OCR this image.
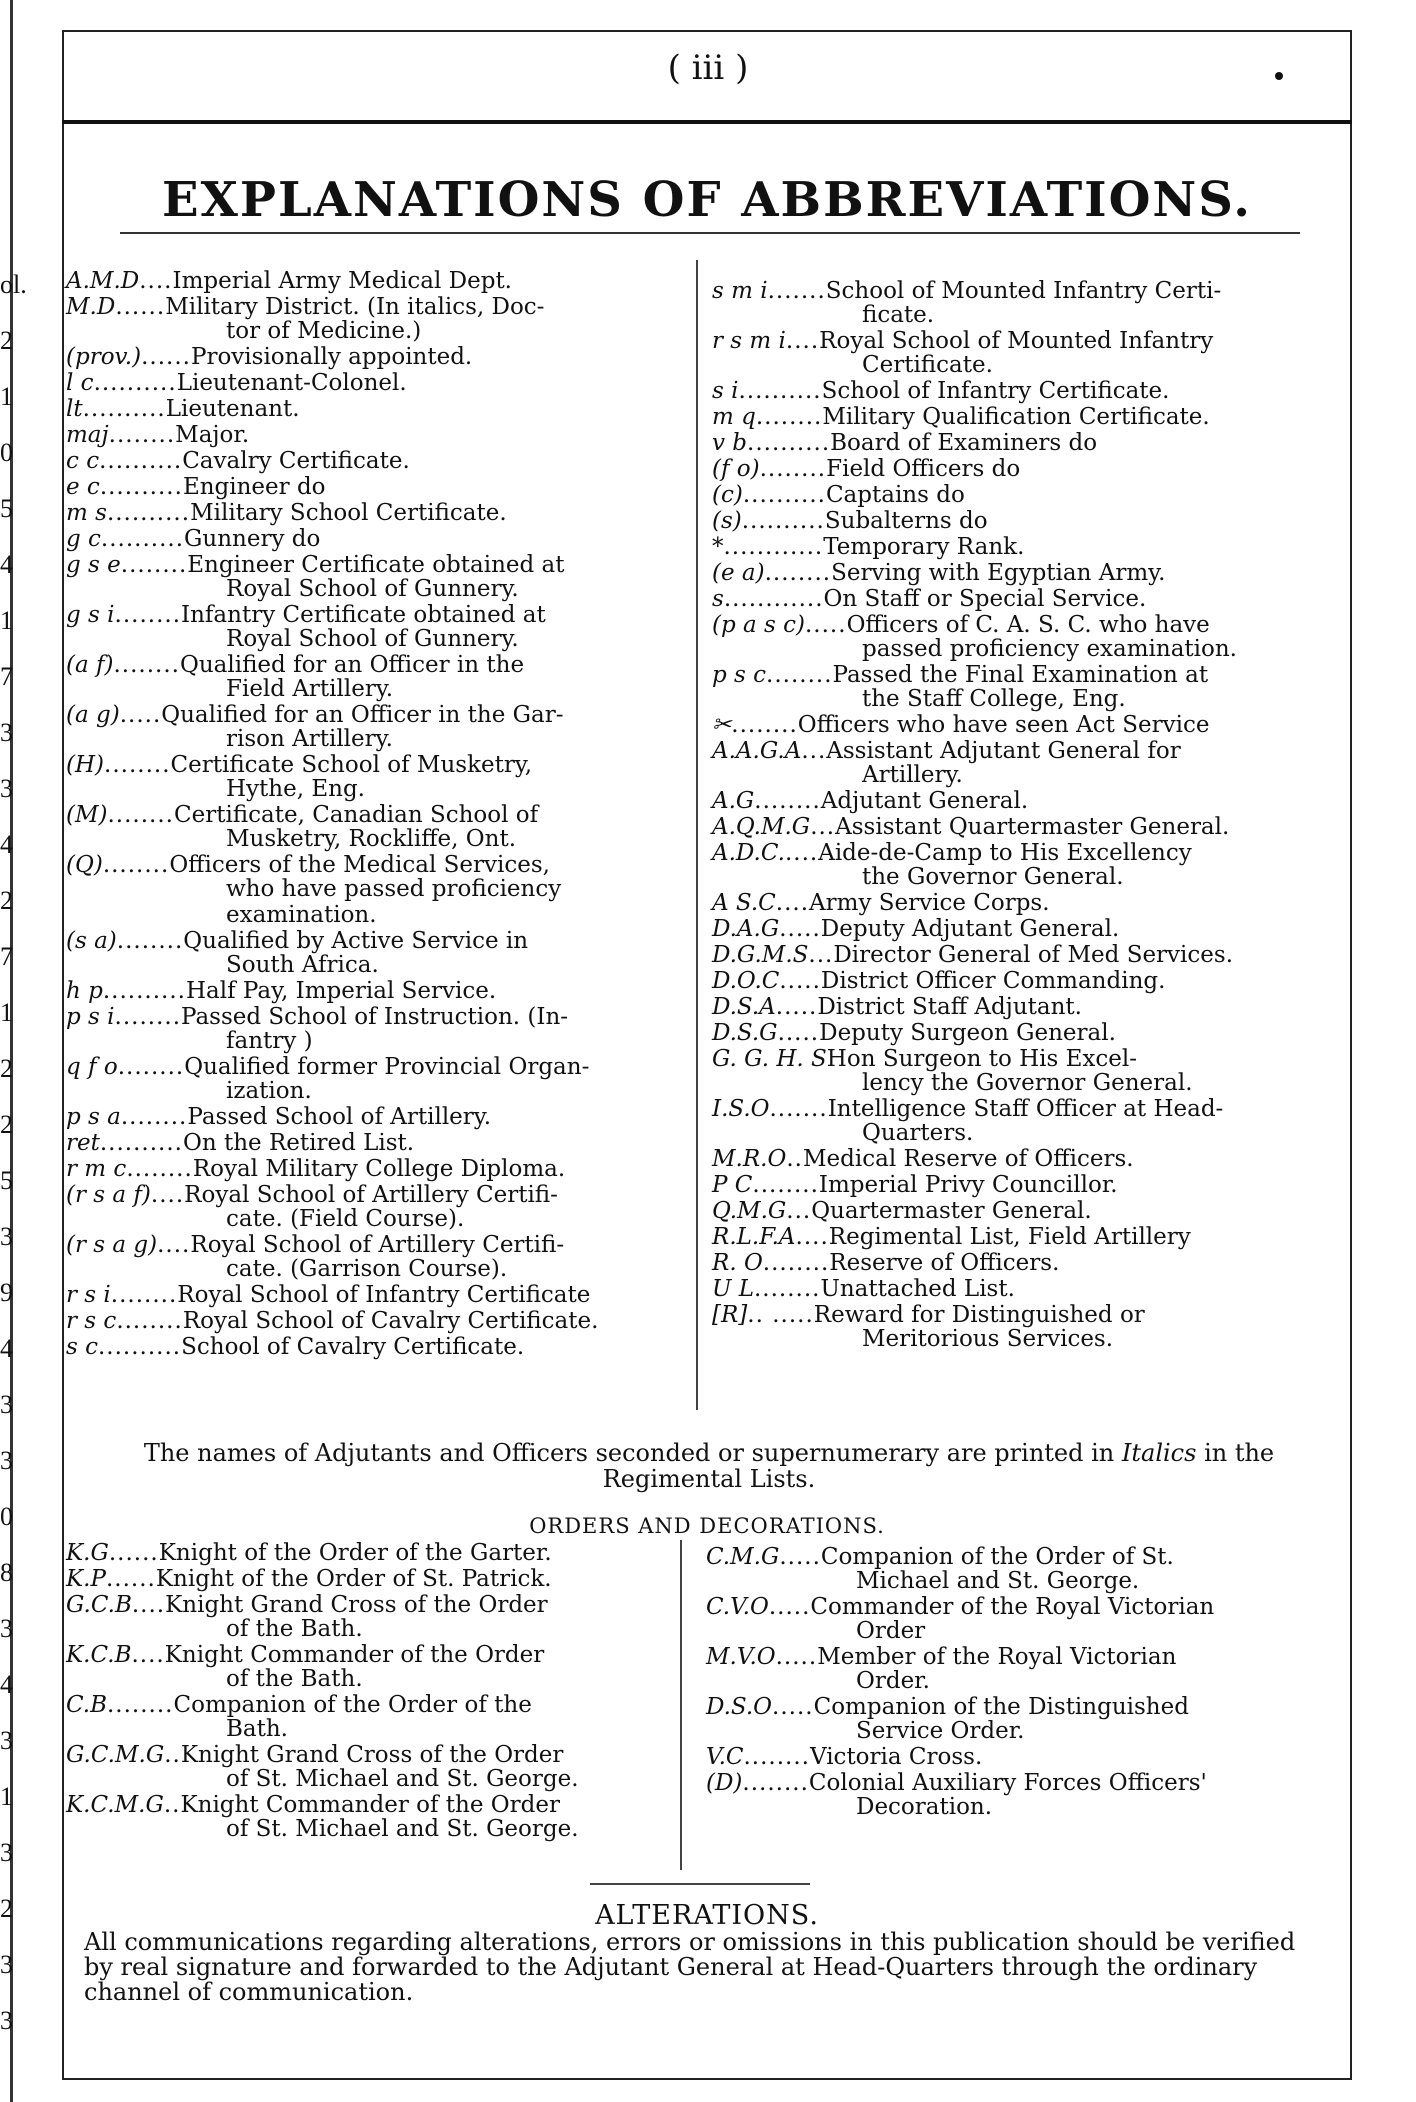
ol.
2
1
0
5
4
1
7
3
3
4
2
7
1
2
2
5
3
9
4
3
3
0
8
3
4
3
1
3
2
3
3
( iii )
EXPLANATIONS OF ABBREVIATIONS.
A.M.D .... Imperial Army Medical Dept.
M.D ...... Military District. (In italics, Doc-
tor of Medicine.)
(prov.) ...... Provisionally appointed.
l c .......... Lieutenant-Colonel.
lt .......... Lieutenant.
maj ........ Major.
c c .......... Cavalry Certificate.
e c .......... Engineer do
m s .......... Military School Certificate.
g c .......... Gunnery do
g s e ........ Engineer Certificate obtained at
Royal School of Gunnery.
g s i ........ Infantry Certificate obtained at
Royal School of Gunnery.
(a f) ........ Qualified for an Officer in the
Field Artillery.
(a g) ..... Qualified for an Officer in the Gar-
rison Artillery.
(H) ........ Certificate School of Musketry,
Hythe, Eng.
(M) ........ Certificate, Canadian School of
Musketry, Rockliffe, Ont.
(Q) ........ Officers of the Medical Services,
who have passed proficiency examination.
(s a) ........ Qualified by Active Service in
South Africa.
h p .......... Half Pay, Imperial Service.
p s i ........ Passed School of Instruction. (In-
fantry )
q f o ........ Qualified former Provincial Organ-
ization.
p s a ........ Passed School of Artillery.
ret .......... On the Retired List.
r m c ........ Royal Military College Diploma.
(r s a f) .... Royal School of Artillery Certifi-
cate. (Field Course).
(r s a g) .... Royal School of Artillery Certifi-
cate. (Garrison Course).
r s i ........ Royal School of Infantry Certificate
r s c ........ Royal School of Cavalry Certificate.
s c .......... School of Cavalry Certificate.
s m i ....... School of Mounted Infantry Certi-
ficate.
r s m i .... Royal School of Mounted Infantry
Certificate.
s i .......... School of Infantry Certificate.
m q ........ Military Qualification Certificate.
v b .......... Board of Examiners do
(f o) ........ Field Officers do
(c) .......... Captains do
(s) .......... Subalterns do
* ............ Temporary Rank.
(e a) ........ Serving with Egyptian Army.
s ............ On Staff or Special Service.
(p a s c) ..... Officers of C. A. S. C. who have
passed proficiency examination.
p s c ........ Passed the Final Examination at
the Staff College, Eng.
✂ ........ Officers who have seen Act Service
A.A.G.A ... Assistant Adjutant General for
Artillery.
A.G ........ Adjutant General.
A.Q.M.G ... Assistant Quartermaster General.
A.D.C. .... Aide-de-Camp to His Excellency
the Governor General.
A S.C .... Army Service Corps.
D.A.G ..... Deputy Adjutant General.
D.G.M.S ... Director General of Med Services.
D.O.C ..... District Officer Commanding.
D.S.A ..... District Staff Adjutant.
D.S.G ..... Deputy Surgeon General.
G. G. H. S Hon Surgeon to His Excel-
lency the Governor General.
I.S.O ....... Intelligence Staff Officer at Head-
Quarters.
M.R.O .. Medical Reserve of Officers.
P C ........ Imperial Privy Councillor.
Q.M.G ... Quartermaster General.
R.L.F.A .... Regimental List, Field Artillery
R. O ........ Reserve of Officers.
U L ........ Unattached List.
[R] .. ..... Reward for Distinguished or
Meritorious Services.
The names of Adjutants and Officers seconded or supernumerary are printed in Italics in the Regimental Lists.
ORDERS AND DECORATIONS.
K.G ...... Knight of the Order of the Garter.
K.P ...... Knight of the Order of St. Patrick.
G.C.B .... Knight Grand Cross of the Order
of the Bath.
K.C.B .... Knight Commander of the Order
of the Bath.
C.B ........ Companion of the Order of the
Bath.
G.C.M.G .. Knight Grand Cross of the Order
of St. Michael and St. George.
K.C.M.G .. Knight Commander of the Order
of St. Michael and St. George.
C.M.G ..... Companion of the Order of St.
Michael and St. George.
C.V.O ..... Commander of the Royal Victorian
Order
M.V.O ..... Member of the Royal Victorian
Order.
D.S.O ..... Companion of the Distinguished
Service Order.
V.C ........ Victoria Cross.
(D) ........ Colonial Auxiliary Forces Officers'
Decoration.
ALTERATIONS.
All communications regarding alterations, errors or omissions in this publication should be verified by real signature and forwarded to the Adjutant General at Head-Quarters through the ordinary channel of communication.
